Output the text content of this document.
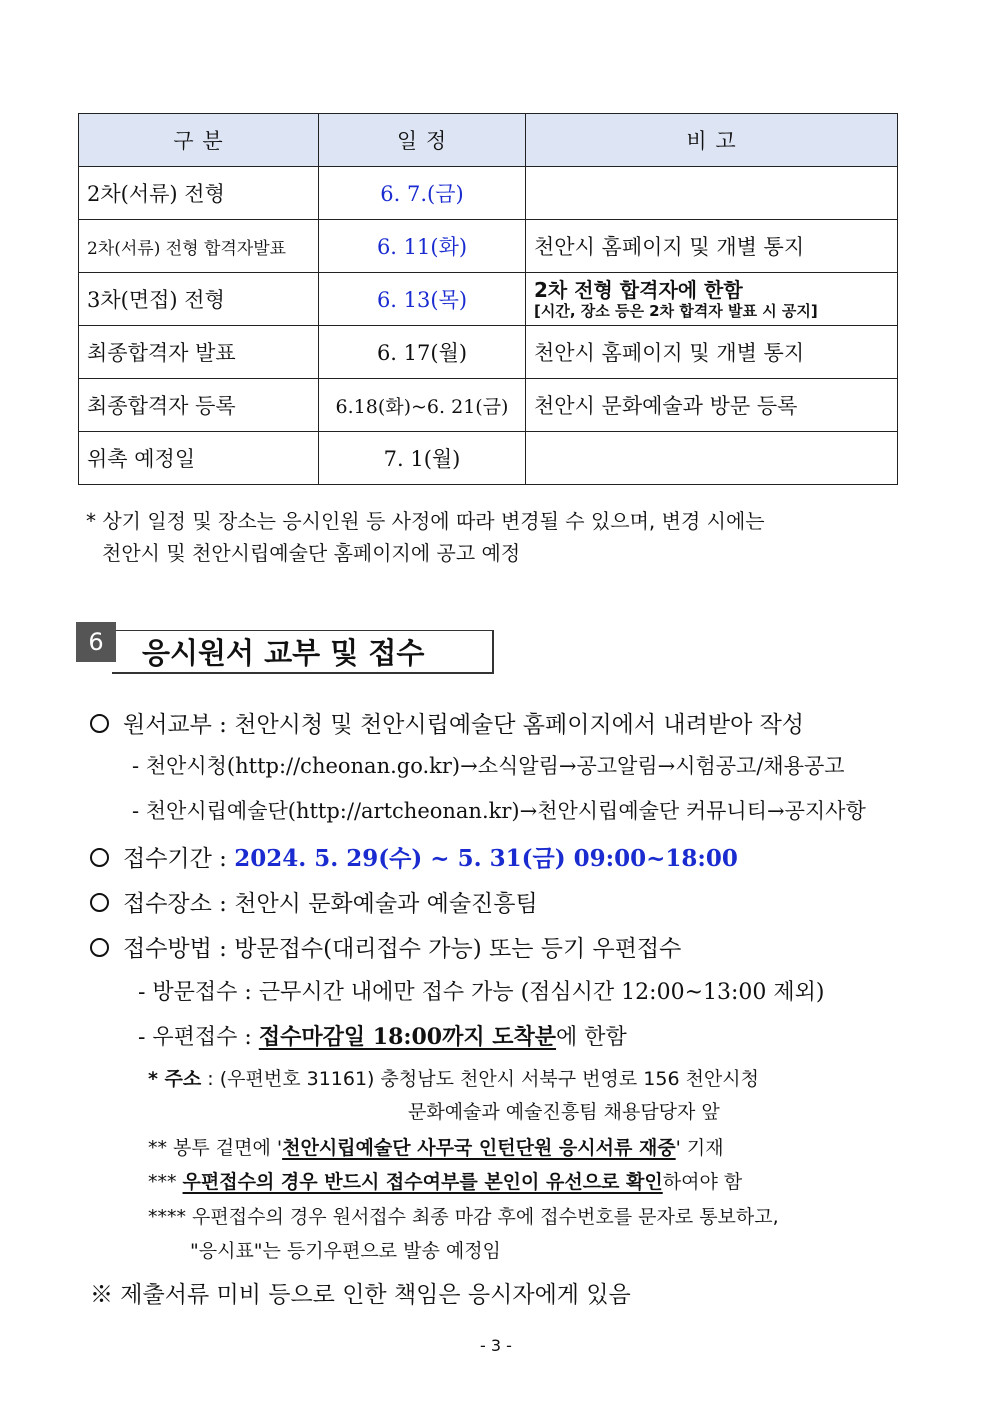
구 분	일 정	비 고
2차(서류) 전형	6. 7.(금)	
2차(서류) 전형 합격자발표	6. 11(화)	천안시 홈페이지 및 개별 통지
3차(면접) 전형	6. 13(목)	2차 전형 합격자에 한함
[시간, 장소 등은 2차 합격자 발표 시 공지]

최종합격자 발표	6. 17(월)	천안시 홈페이지 및 개별 통지
최종합격자 등록	6.18(화)~6. 21(금)	천안시 문화예술과 방문 등록
위촉 예정일	7. 1(월)	
* 상기 일정 및 장소는 응시인원 등 사정에 따라 변경될 수 있으며, 변경 시에는
천안시 및 천안시립예술단 홈페이지에 공고 예정
응시원서 교부 및 접수
6
원서교부 : 천안시청 및 천안시립예술단 홈페이지에서 내려받아 작성
- 천안시청(http://cheonan.go.kr)→소식알림→공고알림→시험공고/채용공고
- 천안시립예술단(http://artcheonan.kr)→천안시립예술단 커뮤니티→공지사항
접수기간 : 2024. 5. 29(수) ~ 5. 31(금) 09:00~18:00
접수장소 : 천안시 문화예술과 예술진흥팀
접수방법 : 방문접수(대리접수 가능) 또는 등기 우편접수
- 방문접수 : 근무시간 내에만 접수 가능 (점심시간 12:00~13:00 제외)
- 우편접수 : 접수마감일 18:00까지 도착분에 한함
* 주소 : (우편번호 31161) 충청남도 천안시 서북구 번영로 156 천안시청
문화예술과 예술진흥팀 채용담당자 앞
** 봉투 겉면에 '천안시립예술단 사무국 인턴단원 응시서류 재중' 기재
*** 우편접수의 경우 반드시 접수여부를 본인이 유선으로 확인하여야 함
**** 우편접수의 경우 원서접수 최종 마감 후에 접수번호를 문자로 통보하고,
"응시표"는 등기우편으로 발송 예정임
※ 제출서류 미비 등으로 인한 책임은 응시자에게 있음
- 3 -
